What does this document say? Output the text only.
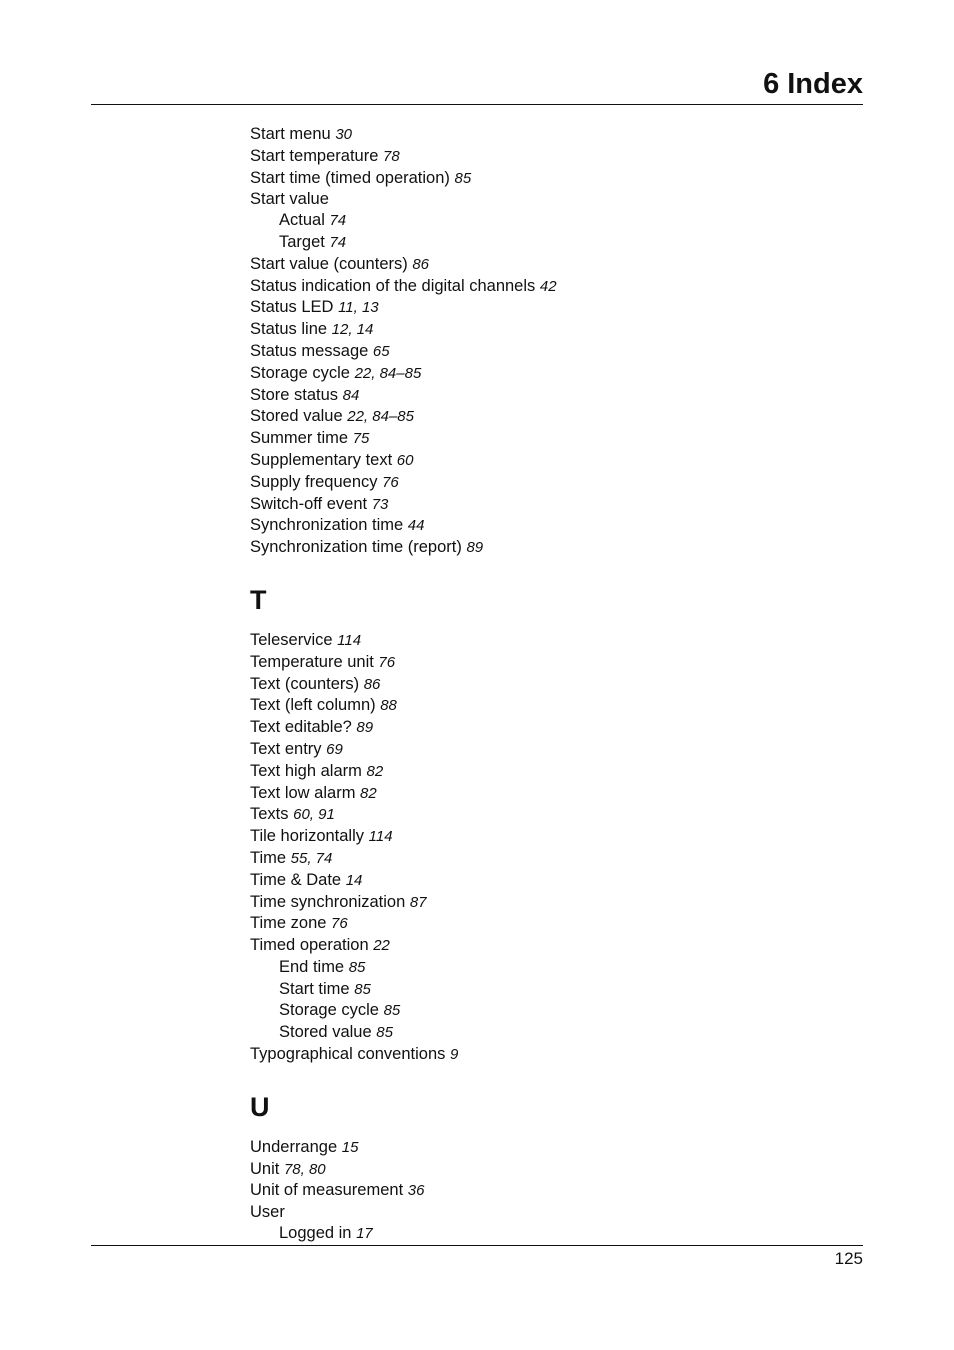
6 Index
Start menu 30
Start temperature 78
Start time (timed operation) 85
Start value
Actual 74
Target 74
Start value (counters) 86
Status indication of the digital channels 42
Status LED 11, 13
Status line 12, 14
Status message 65
Storage cycle 22, 84–85
Store status 84
Stored value 22, 84–85
Summer time 75
Supplementary text 60
Supply frequency 76
Switch-off event 73
Synchronization time 44
Synchronization time (report) 89
T
Teleservice 114
Temperature unit 76
Text (counters) 86
Text (left column) 88
Text editable? 89
Text entry 69
Text high alarm 82
Text low alarm 82
Texts 60, 91
Tile horizontally 114
Time 55, 74
Time & Date 14
Time synchronization 87
Time zone 76
Timed operation 22
End time 85
Start time 85
Storage cycle 85
Stored value 85
Typographical conventions 9
U
Underrange 15
Unit 78, 80
Unit of measurement 36
User
Logged in 17
125
